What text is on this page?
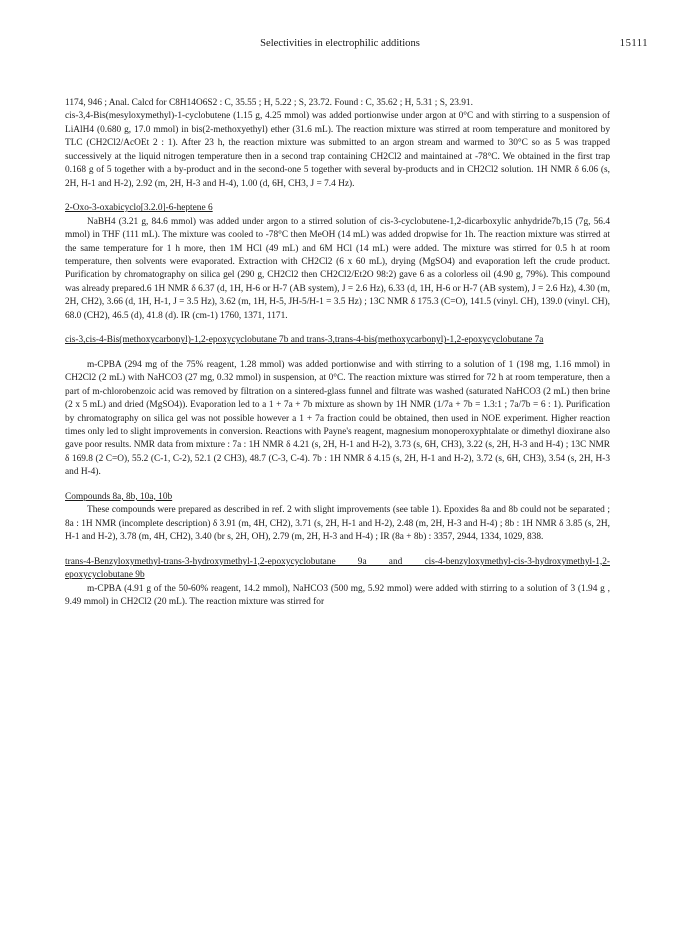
Selectivities in electrophilic additions	15111

1174, 946 ; Anal. Calcd for C8H14O6S2 : C, 35.55 ; H, 5.22 ; S, 23.72. Found : C, 35.62 ; H, 5.31 ; S, 23.91.

cis-3,4-Bis(mesyloxymethyl)-1-cyclobutene (1.15 g, 4.25 mmol) was added portionwise under argon at 0°C and with stirring to a suspension of LiAlH4 (0.680 g, 17.0 mmol) in bis(2-methoxyethyl) ether (31.6 mL). The reaction mixture was stirred at room temperature and monitored by TLC (CH2Cl2/AcOEt 2 : 1). After 23 h, the reaction mixture was submitted to an argon stream and warmed to 30°C so as 5 was trapped successively at the liquid nitrogen temperature then in a second trap containing CH2Cl2 and maintained at -78°C. We obtained in the first trap 0.168 g of 5 together with a by-product and in the second-one 5 together with several by-products and in CH2Cl2 solution. 1H NMR δ 6.06 (s, 2H, H-1 and H-2), 2.92 (m, 2H, H-3 and H-4), 1.00 (d, 6H, CH3, J = 7.4 Hz).

2-Oxo-3-oxabicyclo[3.2.0]-6-heptene 6

NaBH4 (3.21 g, 84.6 mmol) was added under argon to a stirred solution of cis-3-cyclobutene-1,2-dicarboxylic anhydride7b,15 (7g, 56.4 mmol) in THF (111 mL). The mixture was cooled to -78°C then MeOH (14 mL) was added dropwise for 1h. The reaction mixture was stirred at the same temperature for 1 h more, then 1M HCl (49 mL) and 6M HCl (14 mL) were added. The mixture was stirred for 0.5 h at room temperature, then solvents were evaporated. Extraction with CH2Cl2 (6 x 60 mL), drying (MgSO4) and evaporation left the crude product. Purification by chromatography on silica gel (290 g, CH2Cl2 then CH2Cl2/Et2O 98:2) gave 6 as a colorless oil (4.90 g, 79%). This compound was already prepared.6 1H NMR δ 6.37 (d, 1H, H-6 or H-7 (AB system), J = 2.6 Hz), 6.33 (d, 1H, H-6 or H-7 (AB system), J = 2.6 Hz), 4.30 (m, 2H, CH2), 3.66 (d, 1H, H-1, J = 3.5 Hz), 3.62 (m, 1H, H-5, JH-5/H-1 = 3.5 Hz) ; 13C NMR δ 175.3 (C=O), 141.5 (vinyl. CH), 139.0 (vinyl. CH), 68.0 (CH2), 46.5 (d), 41.8 (d). IR (cm-1) 1760, 1371, 1171.

cis-3,cis-4-Bis(methoxycarbonyl)-1,2-epoxycyclobutane 7b and trans-3,trans-4-bis(methoxycarbonyl)-1,2-epoxycyclobutane 7a

m-CPBA (294 mg of the 75% reagent, 1.28 mmol) was added portionwise and with stirring to a solution of 1 (198 mg, 1.16 mmol) in CH2Cl2 (2 mL) with NaHCO3 (27 mg, 0.32 mmol) in suspension, at 0°C. The reaction mixture was stirred for 72 h at room temperature, then a part of m-chlorobenzoic acid was removed by filtration on a sintered-glass funnel and filtrate was washed (saturated NaHCO3 (2 mL) then brine (2 x 5 mL) and dried (MgSO4)). Evaporation led to a 1 + 7a + 7b mixture as shown by 1H NMR (1/7a + 7b = 1.3:1 ; 7a/7b = 6 : 1). Purification by chromatography on silica gel was not possible however a 1 + 7a fraction could be obtained, then used in NOE experiment. Higher reaction times only led to slight improvements in conversion. Reactions with Payne's reagent, magnesium monoperoxyphtalate or dimethyl dioxirane also gave poor results. NMR data from mixture : 7a : 1H NMR δ 4.21 (s, 2H, H-1 and H-2), 3.73 (s, 6H, CH3), 3.22 (s, 2H, H-3 and H-4) ; 13C NMR δ 169.8 (2 C=O), 55.2 (C-1, C-2), 52.1 (2 CH3), 48.7 (C-3, C-4). 7b : 1H NMR δ 4.15 (s, 2H, H-1 and H-2), 3.72 (s, 6H, CH3), 3.54 (s, 2H, H-3 and H-4).

Compounds 8a, 8b, 10a, 10b

These compounds were prepared as described in ref. 2 with slight improvements (see table 1). Epoxides 8a and 8b could not be separated ; 8a : 1H NMR (incomplete description) δ 3.91 (m, 4H, CH2), 3.71 (s, 2H, H-1 and H-2), 2.48 (m, 2H, H-3 and H-4) ; 8b : 1H NMR δ 3.85 (s, 2H, H-1 and H-2), 3.78 (m, 4H, CH2), 3.40 (br s, 2H, OH), 2.79 (m, 2H, H-3 and H-4) ; IR (8a + 8b) : 3357, 2944, 1334, 1029, 838.

trans-4-Benzyloxymethyl-trans-3-hydroxymethyl-1,2-epoxycyclobutane 9a and cis-4-benzyloxymethyl-cis-3-hydroxymethyl-1,2-epoxycyclobutane 9b

m-CPBA (4.91 g of the 50-60% reagent, 14.2 mmol), NaHCO3 (500 mg, 5.92 mmol) were added with stirring to a solution of 3 (1.94 g , 9.49 mmol) in CH2Cl2 (20 mL). The reaction mixture was stirred for
